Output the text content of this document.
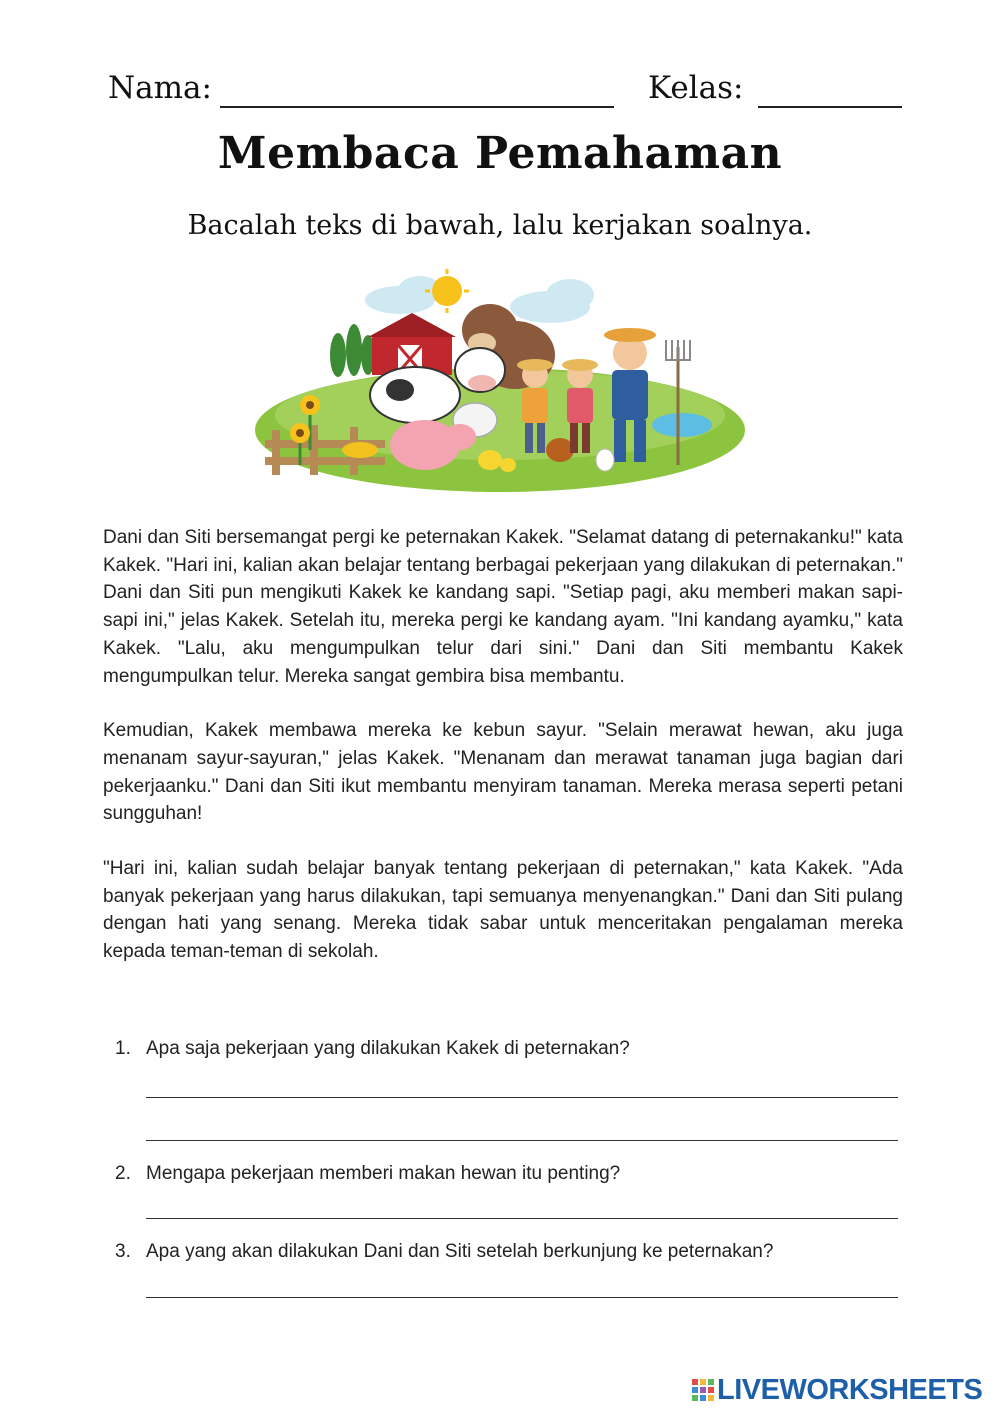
Nama:	Kelas:
Membaca Pemahaman
Bacalah teks di bawah, lalu kerjakan soalnya.

Dani dan Siti bersemangat pergi ke peternakan Kakek. "Selamat datang di peternakanku!" kata Kakek. "Hari ini, kalian akan belajar tentang berbagai pekerjaan yang dilakukan di peternakan." Dani dan Siti pun mengikuti Kakek ke kandang sapi. "Setiap pagi, aku memberi makan sapi-sapi ini," jelas Kakek. Setelah itu, mereka pergi ke kandang ayam. "Ini kandang ayamku," kata Kakek. "Lalu, aku mengumpulkan telur dari sini." Dani dan Siti membantu Kakek mengumpulkan telur. Mereka sangat gembira bisa membantu.

Kemudian, Kakek membawa mereka ke kebun sayur. "Selain merawat hewan, aku juga menanam sayur-sayuran," jelas Kakek. "Menanam dan merawat tanaman juga bagian dari pekerjaanku." Dani dan Siti ikut membantu menyiram tanaman. Mereka merasa seperti petani sungguhan!

"Hari ini, kalian sudah belajar banyak tentang pekerjaan di peternakan," kata Kakek. "Ada banyak pekerjaan yang harus dilakukan, tapi semuanya menyenangkan." Dani dan Siti pulang dengan hati yang senang. Mereka tidak sabar untuk menceritakan pengalaman mereka kepada teman-teman di sekolah.

1. Apa saja pekerjaan yang dilakukan Kakek di peternakan?
2. Mengapa pekerjaan memberi makan hewan itu penting?
3. Apa yang akan dilakukan Dani dan Siti setelah berkunjung ke peternakan?
LIVEWORKSHEETS
